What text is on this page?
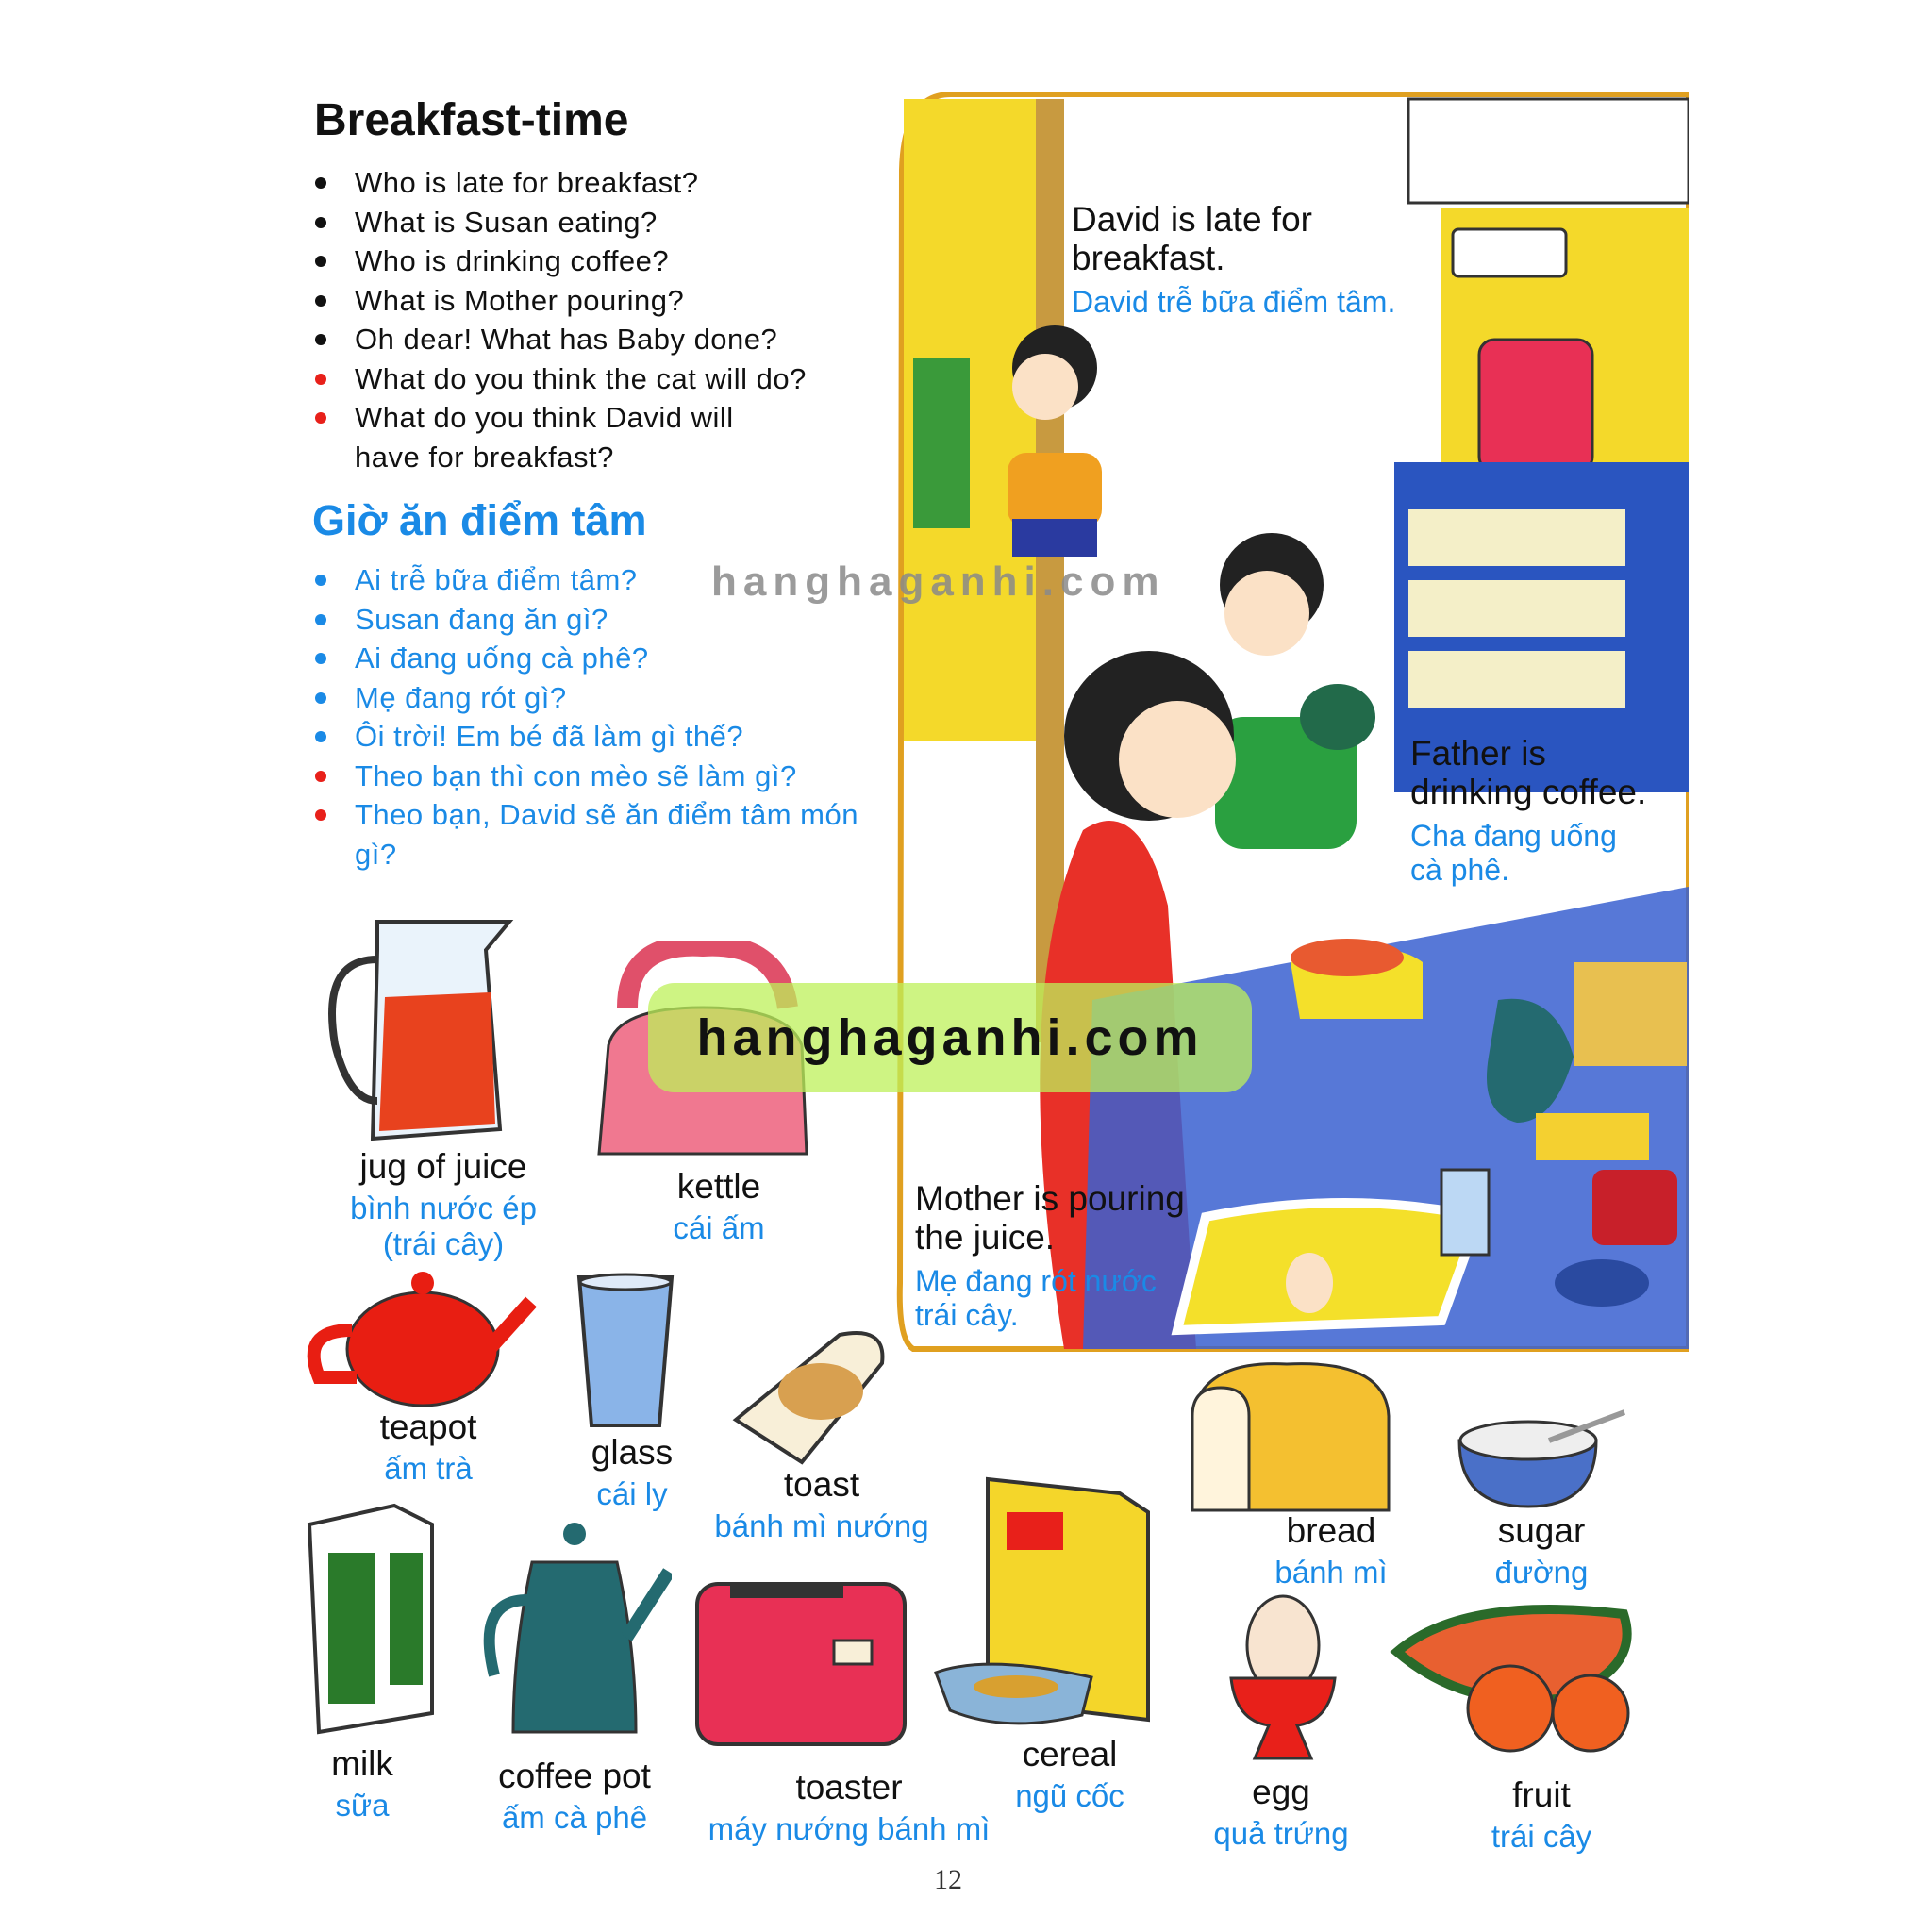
Breakfast-time
Who is late for breakfast?
What is Susan eating?
Who is drinking coffee?
What is Mother pouring?
Oh dear! What has Baby done?
What do you think the cat will do?
What do you think David will have for breakfast?
Giờ ăn điểm tâm
Ai trễ bữa điểm tâm?
Susan đang ăn gì?
Ai đang uống cà phê?
Mẹ đang rót gì?
Ôi trời! Em bé đã làm gì thế?
Theo bạn thì con mèo sẽ làm gì?
Theo bạn, David sẽ ăn điểm tâm món gì?
David is late for breakfast.
David trễ bữa điểm tâm.
Father is drinking coffee.
Cha đang uống cà phê.
Mother is pouring the juice.
Mẹ đang rót nước trái cây.
jug of juice
bình nước ép
(trái cây)
kettle
cái ấm
teapot
ấm trà	glass
cái ly	toast
bánh mì nướng	bread
bánh mì
sugar
đường
milk
sữa
coffee pot
ấm cà phê
toaster
máy nướng bánh mì
cereal
ngũ cốc	egg
quả trứng
fruit
trái cây
hanghaganhi.com
hanghaganhi.com
12
